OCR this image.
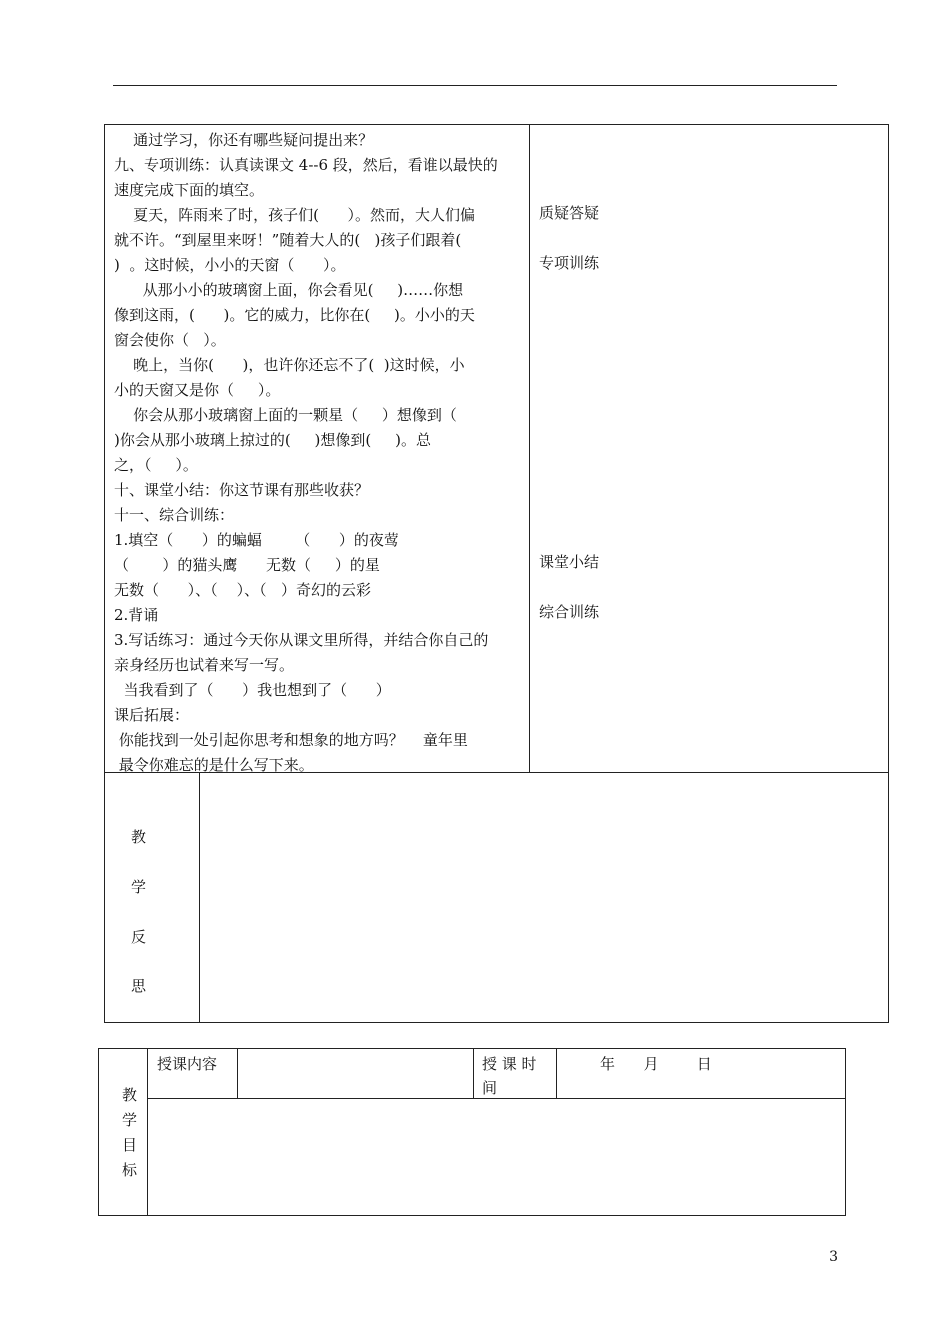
通过学习，你还有哪些疑问提出来？
九、专项训练：认真读课文 4--6 段，然后，看谁以最快的
速度完成下面的填空。
夏天，阵雨来了时，孩子们(      ）。然而，大人们偏
就不许。“到屋里来呀！”随着大人的(   )孩子们跟着(
)  。这时候，小小的天窗（      ）。
从那小小的玻璃窗上面，你会看见(     )……你想
像到这雨，(      )。它的威力，比你在(     )。小小的天
窗会使你（   ）。
晚上，当你(      )，也许你还忘不了(  )这时候，小
小的天窗又是你（     ）。
你会从那小玻璃窗上面的一颗星（     ）想像到（
)你会从那小玻璃上掠过的(     )想像到(     )。总
之，（     ）。
十、课堂小结：你这节课有那些收获？
十一、综合训练：
1.填空（      ）的蝙蝠       （      ）的夜莺
（       ）的猫头鹰      无数（     ）的星
无数（      ）、（    ）、（   ）奇幻的云彩
2.背诵
3.写话练习：通过今天你从课文里所得，并结合你自己的
亲身经历也试着来写一写。
当我看到了（      ）我也想到了（      ）
课后拓展：
你能找到一处引起你思考和想象的地方吗？    童年里
最令你难忘的是什么写下来。
质疑答疑
专项训练
课堂小结
综合训练
教
学
反
思
教
学
目
标
授课内容	授 课 时
间
年      月        日
3
